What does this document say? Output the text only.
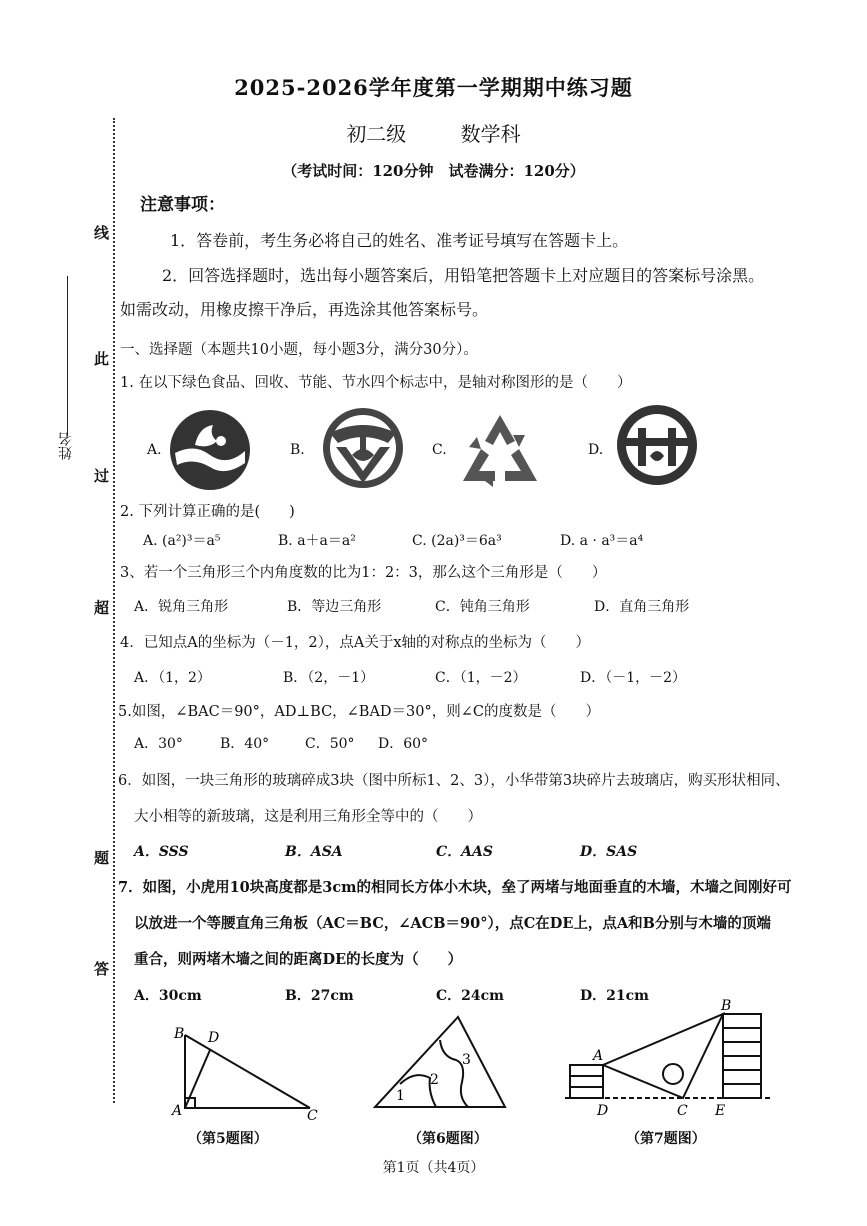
线
此
过
超
题
答
姓名
2025-2026学年度第一学期期中练习题
初二级	数学科
（考试时间：120分钟　试卷满分：120分）
注意事项：
1．答卷前，考生务必将自己的姓名、准考证号填写在答题卡上。
2．回答选择题时，选出每小题答案后，用铅笔把答题卡上对应题目的答案标号涂黑。
如需改动，用橡皮擦干净后，再选涂其他答案标号。
一、选择题（本题共10小题，每小题3分，满分30分）。
1. 在以下绿色食品、回收、节能、节水四个标志中，是轴对称图形的是（　　）
A.	B.	C.	D.
2. 下列计算正确的是(　　)
A. (a²)³＝a⁵	B. a＋a＝a²	C. (2a)³＝6a³	D. a · a³＝a⁴
3、若一个三角形三个内角度数的比为1：2：3，那么这个三角形是（　　）
A．锐角三角形	B．等边三角形	C．钝角三角形	D．直角三角形
4．已知点A的坐标为（－1，2），点A关于x轴的对称点的坐标为（　　）
A．（1，2）	B．（2，－1）	C．（1，－2）	D．（－1，－2）
5.如图，∠BAC＝90°，AD⊥BC，∠BAD＝30°，则∠C的度数是（　　）
A．30°	B．40°	C．50° D．60°
6．如图，一块三角形的玻璃碎成3块（图中所标1、2、3），小华带第3块碎片去玻璃店，购买形状相同、
大小相等的新玻璃，这是利用三角形全等中的（　　）
A．SSS	B．ASA	C．AAS	D．SAS
7．如图，小虎用10块高度都是3cm的相同长方体小木块，垒了两堵与地面垂直的木墙，木墙之间刚好可
以放进一个等腰直角三角板（AC＝BC，∠ACB＝90°），点C在DE上，点A和B分别与木墙的顶端
重合，则两堵木墙之间的距离DE的长度为（　　）
A．30cm	B．27cm	C．24cm	D．21cm
B D
A	C
（第5题图）
1
2
3
（第6题图）
B
A
D	C E
（第7题图）
第1页（共4页）
